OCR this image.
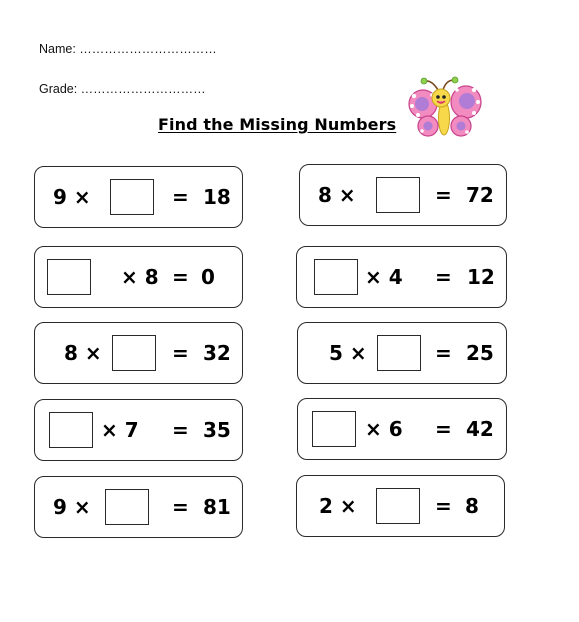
Name: ……………………………
Grade: …………………………
Find the Missing Numbers
9 ×	= 18	8 ×	= 72
× 8 = 0	× 4 = 12
8 ×	= 32	5 ×	= 25
× 7 = 35	× 6 = 42
9 ×	= 81	2 ×	= 8
